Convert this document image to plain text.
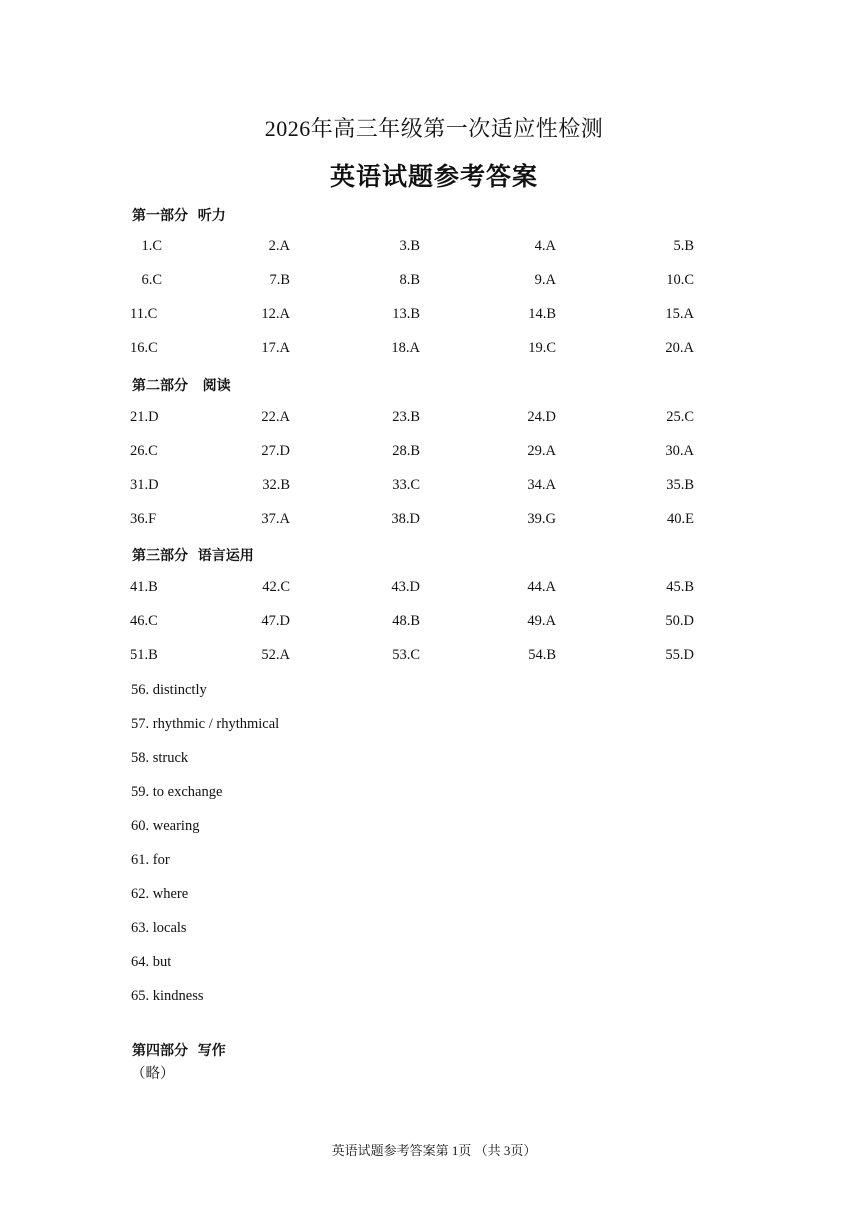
2026年高三年级第一次适应性检测
英语试题参考答案
第一部分  听力
1.C	2.A	3.B	4.A	5.B
6.C	7.B	8.B	9.A	10.C
11.C	12.A	13.B	14.B	15.A
16.C	17.A	18.A	19.C	20.A
第二部分   阅读
21.D	22.A	23.B	24.D	25.C
26.C	27.D	28.B	29.A	30.A
31.D	32.B	33.C	34.A	35.B
36.F	37.A	38.D	39.G	40.E
第三部分  语言运用
41.B	42.C	43.D	44.A	45.B
46.C	47.D	48.B	49.A	50.D
51.B	52.A	53.C	54.B	55.D
56. distinctly
57. rhythmic / rhythmical
58. struck
59. to exchange
60. wearing
61. for
62. where
63. locals
64. but
65. kindness
第四部分  写作
（略）
英语试题参考答案第 1页 （共 3页）
